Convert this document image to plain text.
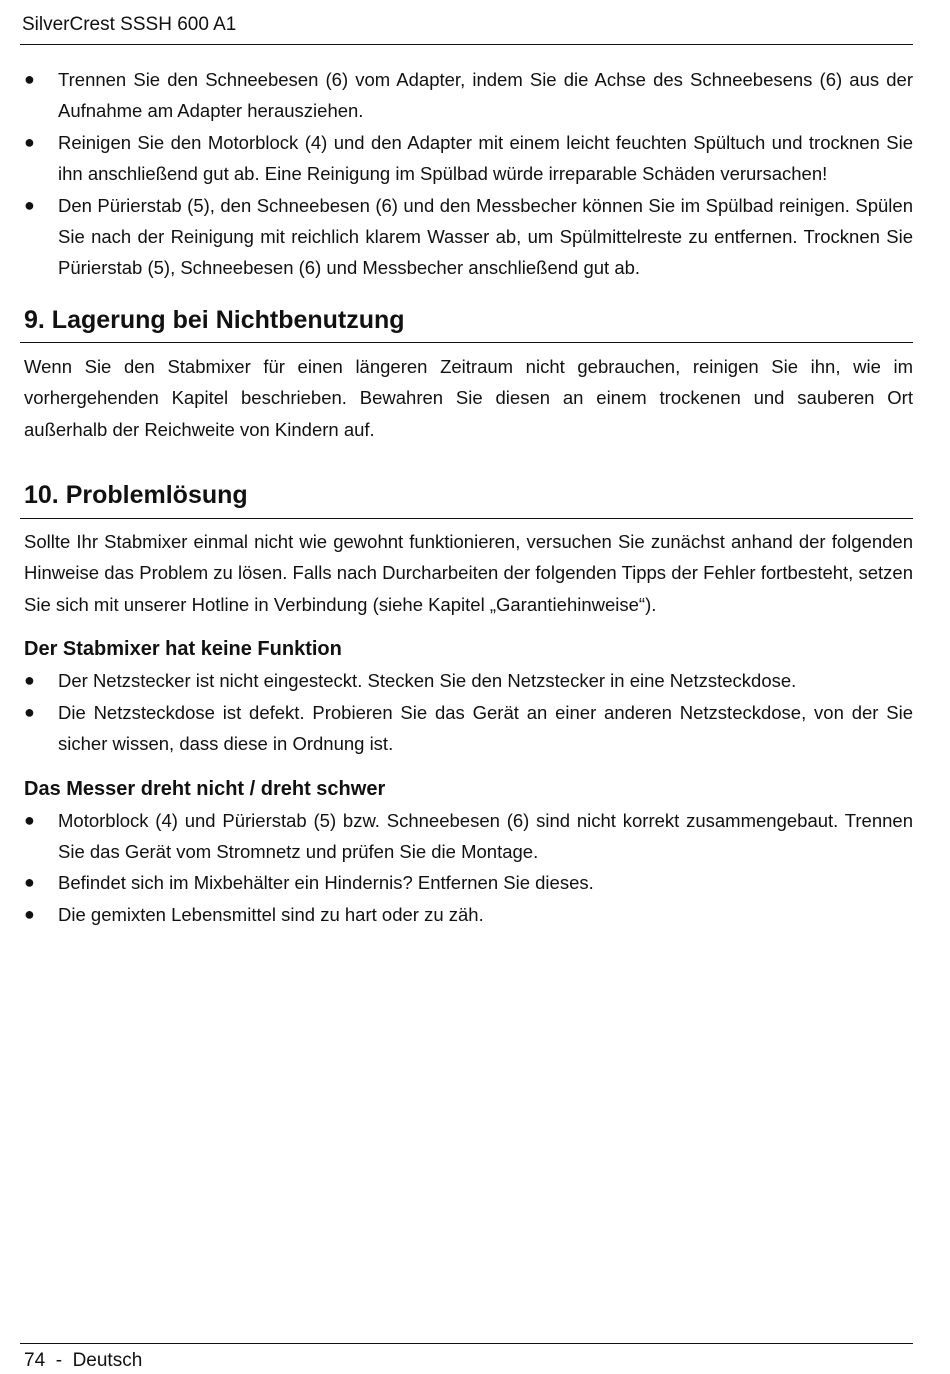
SilverCrest SSSH 600 A1
●	Trennen Sie den Schneebesen (6) vom Adapter, indem Sie die Achse des Schneebesens (6) aus der Aufnahme am Adapter herausziehen.
●	Reinigen Sie den Motorblock (4) und den Adapter mit einem leicht feuchten Spültuch und trocknen Sie ihn anschließend gut ab. Eine Reinigung im Spülbad würde irreparable Schäden verursachen!
●	Den Pürierstab (5), den Schneebesen (6) und den Messbecher können Sie im Spülbad reinigen. Spülen Sie nach der Reinigung mit reichlich klarem Wasser ab, um Spülmittelreste zu entfernen. Trocknen Sie Pürierstab (5), Schneebesen (6) und Messbecher anschließend gut ab.
9. Lagerung bei Nichtbenutzung

Wenn Sie den Stabmixer für einen längeren Zeitraum nicht gebrauchen, reinigen Sie ihn, wie im vorhergehenden Kapitel beschrieben. Bewahren Sie diesen an einem trockenen und sauberen Ort außerhalb der Reichweite von Kindern auf.

10. Problemlösung

Sollte Ihr Stabmixer einmal nicht wie gewohnt funktionieren, versuchen Sie zunächst anhand der folgenden Hinweise das Problem zu lösen. Falls nach Durcharbeiten der folgenden Tipps der Fehler fortbesteht, setzen Sie sich mit unserer Hotline in Verbindung (siehe Kapitel „Garantiehinweise“).

Der Stabmixer hat keine Funktion
●	Der Netzstecker ist nicht eingesteckt. Stecken Sie den Netzstecker in eine Netzsteckdose.
●	Die Netzsteckdose ist defekt. Probieren Sie das Gerät an einer anderen Netzsteckdose, von der Sie sicher wissen, dass diese in Ordnung ist.
Das Messer dreht nicht / dreht schwer
●	Motorblock (4) und Pürierstab (5) bzw. Schneebesen (6) sind nicht korrekt zusammengebaut. Trennen Sie das Gerät vom Stromnetz und prüfen Sie die Montage.
●	Befindet sich im Mixbehälter ein Hindernis? Entfernen Sie dieses.
●	Die gemixten Lebensmittel sind zu hart oder zu zäh.
74  -  Deutsch
